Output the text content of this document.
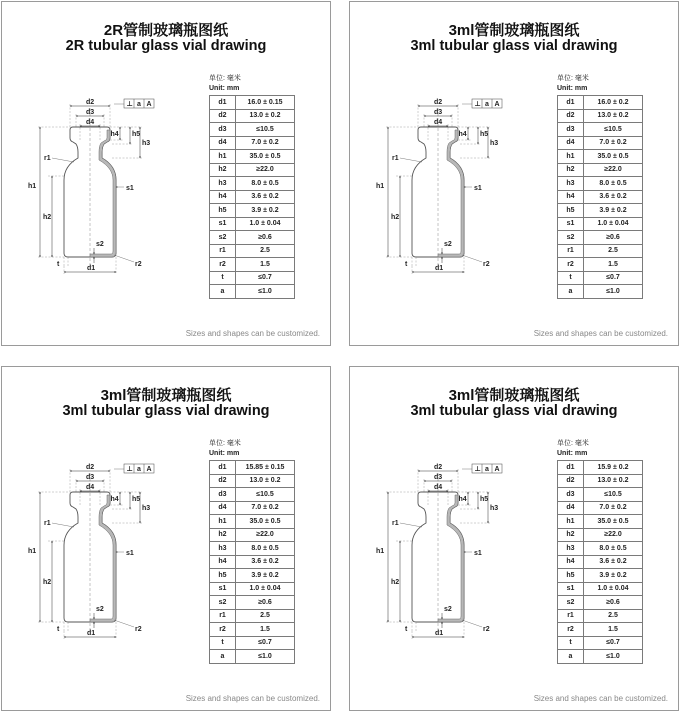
2R管制玻璃瓶图纸
2R tubular glass vial drawing
d2
d3
d4
⊥ a A
h4 h5
h3
r1
s1
h1
h2
s2
t
d1
r2
单位: 毫米
Unit: mm
d1	16.0 ± 0.15
d2	13.0 ± 0.2
d3	≤10.5
d4	7.0 ± 0.2
h1	35.0 ± 0.5
h2	≥22.0
h3	8.0 ± 0.5
h4	3.6 ± 0.2
h5	3.9 ± 0.2
s1	1.0 ± 0.04
s2	≥0.6
r1	2.5
r2	1.5
t	≤0.7
a	≤1.0
Sizes and shapes can be customized.
3ml管制玻璃瓶图纸
3ml tubular glass vial drawing
d2
d3
d4
⊥ a A
h4 h5
h3
r1
s1
h1
h2
s2
t
d1
r2
单位: 毫米
Unit: mm
d1	16.0 ± 0.2
d2	13.0 ± 0.2
d3	≤10.5
d4	7.0 ± 0.2
h1	35.0 ± 0.5
h2	≥22.0
h3	8.0 ± 0.5
h4	3.6 ± 0.2
h5	3.9 ± 0.2
s1	1.0 ± 0.04
s2	≥0.6
r1	2.5
r2	1.5
t	≤0.7
a	≤1.0
Sizes and shapes can be customized.
3ml管制玻璃瓶图纸
3ml tubular glass vial drawing
d2
d3
d4
⊥ a A
h4 h5
h3
r1
s1
h1
h2
s2
t
d1
r2
单位: 毫米
Unit: mm
d1	15.85 ± 0.15
d2	13.0 ± 0.2
d3	≤10.5
d4	7.0 ± 0.2
h1	35.0 ± 0.5
h2	≥22.0
h3	8.0 ± 0.5
h4	3.6 ± 0.2
h5	3.9 ± 0.2
s1	1.0 ± 0.04
s2	≥0.6
r1	2.5
r2	1.5
t	≤0.7
a	≤1.0
Sizes and shapes can be customized.
3ml管制玻璃瓶图纸
3ml tubular glass vial drawing
d2
d3
d4
⊥ a A
h4 h5
h3
r1
s1
h1
h2
s2
t
d1
r2
单位: 毫米
Unit: mm
d1	15.9 ± 0.2
d2	13.0 ± 0.2
d3	≤10.5
d4	7.0 ± 0.2
h1	35.0 ± 0.5
h2	≥22.0
h3	8.0 ± 0.5
h4	3.6 ± 0.2
h5	3.9 ± 0.2
s1	1.0 ± 0.04
s2	≥0.6
r1	2.5
r2	1.5
t	≤0.7
a	≤1.0
Sizes and shapes can be customized.
